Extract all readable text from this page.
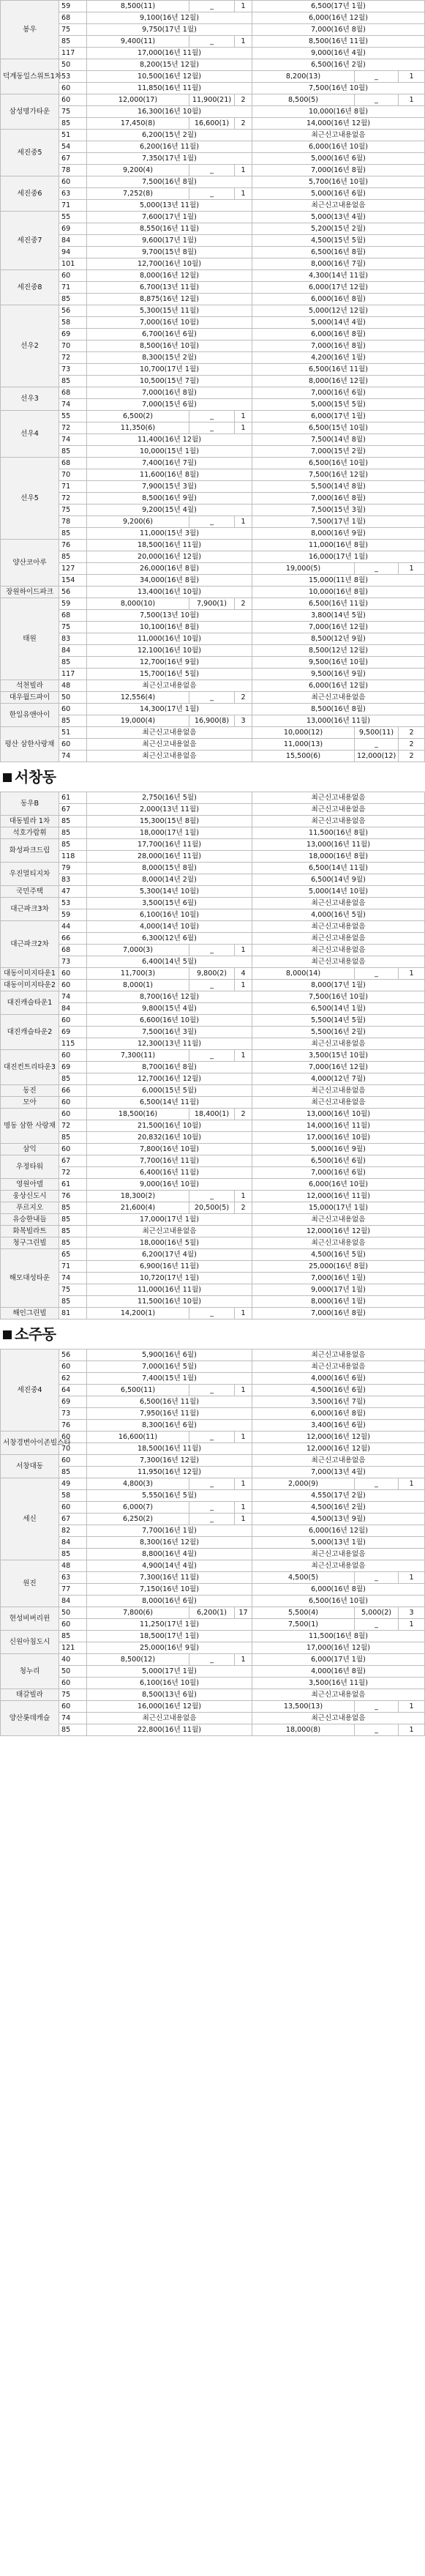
봉우	59	8,500(11)	_	1	6,500(17년 1월)		
	68	9,100(16년 12월)			6,000(16년 12월)		
	75	9,750(17년 1월)			7,000(16년 8월)		
	85	9,400(11)	_	1	8,500(16년 11월)		
	117	17,000(16년 11월)			9,000(16년 4월)		
덕계동일스위트1차	50	8,200(15년 12월)			6,500(16년 2월)		
	53	10,500(16년 12월)			8,200(13)	_	1
	60	11,850(16년 11월)			7,500(16년 10월)		
삼성명가타운	60	12,000(17)	11,900(21)	2	8,500(5)	_	1
	75	16,300(16년 10월)			10,000(16년 8월)		
	85	17,450(8)	16,600(1)	2	14,000(16년 12월)		
세진중5	51	6,200(15년 2월)			최근신고내용없음		
	54	6,200(16년 11월)			6,000(16년 10월)		
	67	7,350(17년 1월)			5,000(16년 6월)		
	78	9,200(4)	_	1	7,000(16년 8월)		
세진중6	60	7,500(16년 8월)			5,700(16년 10월)		
	63	7,252(8)	_	1	5,000(16년 6월)		
	71	5,000(13년 11월)			최근신고내용없음		
세진중7	55	7,600(17년 1월)			5,000(13년 4월)		
	69	8,550(16년 11월)			5,200(15년 2월)		
	84	9,600(17년 1월)			4,500(15년 5월)		
	94	9,700(15년 8월)			6,500(16년 8월)		
	101	12,700(16년 10월)			8,000(16년 7월)		
세진중8	60	8,000(16년 12월)			4,300(14년 11월)		
	71	6,700(13년 11월)			6,000(17년 12월)		
	85	8,875(16년 12월)			6,000(16년 8월)		
선우2	56	5,300(15년 11월)			5,000(12년 12월)		
	58	7,000(16년 10월)			5,000(14년 4월)		
	69	6,700(16년 6월)			6,000(16년 8월)		
	70	8,500(16년 10월)			7,000(16년 8월)		
	72	8,300(15년 2월)			4,200(16년 1월)		
	73	10,700(17년 1월)			6,500(16년 11월)		
	85	10,500(15년 7월)			8,000(16년 12월)		
선우3	68	7,000(16년 8월)			7,000(16년 6월)		
	74	7,000(15년 6월)			5,000(15년 5월)		
선우4	55	6,500(2)	_	1	6,000(17년 1월)		
	72	11,350(6)	_	1	6,500(15년 10월)		
	74	11,400(16년 12월)			7,500(14년 8월)		
	85	10,000(15년 1월)			7,000(15년 2월)		
선우5	68	7,400(16년 7월)			6,500(16년 10월)		
	70	11,600(16년 8월)			7,500(16년 12월)		
	71	7,900(15년 3월)			5,500(14년 8월)		
	72	8,500(16년 9월)			7,000(16년 8월)		
	75	9,200(15년 4월)			7,500(15년 3월)		
	78	9,200(6)	_	1	7,500(17년 1월)		
	85	11,000(15년 3월)			8,000(16년 9월)		
양산코아루	76	18,500(16년 11월)			11,000(16년 8월)		
	85	20,000(16년 12월)			16,000(17년 1월)		
	127	26,000(16년 8월)			19,000(5)	_	1
	154	34,000(16년 8월)			15,000(11년 8월)		
장원하이드파크	56	13,400(16년 10월)			10,000(16년 8월)		
태원	59	8,000(10)	7,900(1)	2	6,500(16년 11월)		
	68	7,500(13년 10월)			3,800(14년 5월)		
	75	10,100(16년 8월)			7,000(16년 12월)		
	83	11,000(16년 10월)			8,500(12년 9월)		
	84	12,100(16년 10월)			8,500(12년 12월)		
	85	12,700(16년 9월)			9,500(16년 10월)		
	117	15,700(16년 5월)			9,500(16년 9월)		
석천빌라	48	최근신고내용없음			6,000(16년 12월)		
대우월드파이	50	12,556(4)	_	2	최근신고내용없음		
한일유앤아이	60	14,300(17년 1월)			8,500(16년 8월)		
	85	19,000(4)	16,900(8)	3	13,000(16년 11월)		
평산 삼한사랑채	51	최근신고내용없음			10,000(12)	9,500(11)	2
	60	최근신고내용없음			11,000(13)	_	2
	74	최근신고내용없음			15,500(6)	12,000(12)	2
서창동
동우B	61	2,750(16년 5월)			최근신고내용없음		
	67	2,000(13년 11월)			최근신고내용없음		
대동빌라 1차	85	15,300(15년 8월)			최근신고내용없음		
석호가람휘	85	18,000(17년 1월)			11,500(16년 8월)		
화성파크드림	85	17,700(16년 11월)			13,000(16년 11월)		
	118	28,000(16년 11월)			18,000(16년 8월)		
우진멀티지차	79	8,000(15년 8월)			6,500(14년 11월)		
	83	8,000(14년 2월)			6,500(14년 9월)		
국민주택	47	5,300(14년 10월)			5,000(14년 10월)		
대근파크3차	53	3,500(15년 6월)			최근신고내용없음		
	59	6,100(16년 10월)			4,000(16년 5월)		
대근파크2차	44	4,000(14년 10월)			최근신고내용없음		
	66	6,300(12년 6월)			최근신고내용없음		
	68	7,000(3)	_	1	최근신고내용없음		
	73	6,400(14년 5월)			최근신고내용없음		
대동이미지타운1	60	11,700(3)	9,800(2)	4	8,000(14)	_	1
대동이미지타운2	60	8,000(1)	_	1	8,000(17년 1월)		
대진캐슬타운1	74	8,700(16년 12월)			7,500(16년 10월)		
	84	9,800(15년 4월)			6,500(14년 1월)		
대진캐슬타운2	60	6,600(16년 10월)			5,500(14년 5월)		
	69	7,500(16년 3월)			5,500(16년 2월)		
	115	12,300(13년 11월)			최근신고내용없음		
대진컨트리타운3	60	7,300(11)	_	1	3,500(15년 10월)		
	69	8,700(16년 8월)			7,000(16년 12월)		
	85	12,700(16년 12월)			4,000(12년 7월)		
동진	66	6,000(15년 5월)			최근신고내용없음		
모아	60	6,500(14년 11월)			최근신고내용없음		
명동 삼한 사랑채	60	18,500(16)	18,400(1)	2	13,000(16년 10월)		
	72	21,500(16년 10월)			14,000(16년 11월)		
	85	20,832(16년 10월)			17,000(16년 10월)		
삼익	60	7,800(16년 10월)			5,000(16년 9월)		
우정타워	67	7,700(16년 11월)			6,500(16년 6월)		
	72	6,400(16년 11월)			7,000(16년 6월)		
영원아델	61	9,000(16년 10월)			6,000(16년 10월)		
웅상신도시	76	18,300(2)	_	1	12,000(16년 11월)		
푸르지오	85	21,600(4)	20,500(5)	2	15,000(17년 1월)		
유승한내들	85	17,000(17년 1월)			최근신고내용없음		
화목빌라트	85	최근신고내용없음			12,000(16년 12월)		
청구그린빌	85	18,000(16년 5월)			최근신고내용없음		
해모대성타운	65	6,200(17년 4월)			4,500(16년 5월)		
	71	6,900(16년 11월)			25,000(16년 8월)		
	74	10,720(17년 1월)			7,000(16년 1월)		
	75	11,000(16년 11월)			9,000(17년 1월)		
	85	11,500(16년 10월)			8,000(16년 1월)		
해인그린빌	81	14,200(1)	_	1	7,000(16년 8월)		
소주동
세진중4	56	5,900(16년 6월)			최근신고내용없음		
	60	7,000(16년 5월)			최근신고내용없음		
	62	7,400(15년 1월)			4,000(16년 6월)		
	64	6,500(11)	_	1	4,500(16년 6월)		
	69	6,500(16년 11월)			3,500(16년 7월)		
	73	7,950(16년 11월)			6,000(16년 8월)		
	76	8,300(16년 6월)			3,400(16년 6월)		
서창경변아이존빌스타	60	16,600(11)	_	1	12,000(16년 12월)		
	70	18,500(16년 11월)			12,000(16년 12월)		
서창대동	60	7,300(16년 12월)			최근신고내용없음		
	85	11,950(16년 12월)			7,000(13년 4월)		
세신	49	4,800(3)	_	1	2,000(9)	_	1
	58	5,550(16년 5월)			4,550(17년 2월)		
	60	6,000(7)	_	1	4,500(16년 2월)		
	67	6,250(2)	_	1	4,500(13년 9월)		
	82	7,700(16년 1월)			6,000(16년 12월)		
	84	8,300(16년 12월)			5,000(13년 1월)		
	85	8,800(16년 4월)			최근신고내용없음		
원진	48	4,900(14년 4월)			최근신고내용없음		
	63	7,300(16년 11월)			4,500(5)	_	1
	77	7,150(16년 10월)			6,000(16년 8월)		
	84	8,000(16년 6월)			6,500(16년 10월)		
현성비버리윈	50	7,800(6)	6,200(1)	17	5,500(4)	5,000(2)	3
	60	11,250(17년 1월)			7,500(1)	_	1
신원아침도시	85	18,500(17년 1월)			11,500(16년 8월)		
	121	25,000(16년 9월)			17,000(16년 12월)		
청누리	40	8,500(12)	_	1	6,000(17년 1월)		
	50	5,000(17년 1월)			4,000(16년 8월)		
	60	6,100(16년 10월)			3,500(16년 11월)		
태갈빌라	75	8,500(13년 6월)			최근신고내용없음		
양산롯데캐슬	60	16,000(16년 12월)			13,500(13)	_	1
	74	최근신고내용없음			최근신고내용없음		
	85	22,800(16년 11월)			18,000(8)	_	1
